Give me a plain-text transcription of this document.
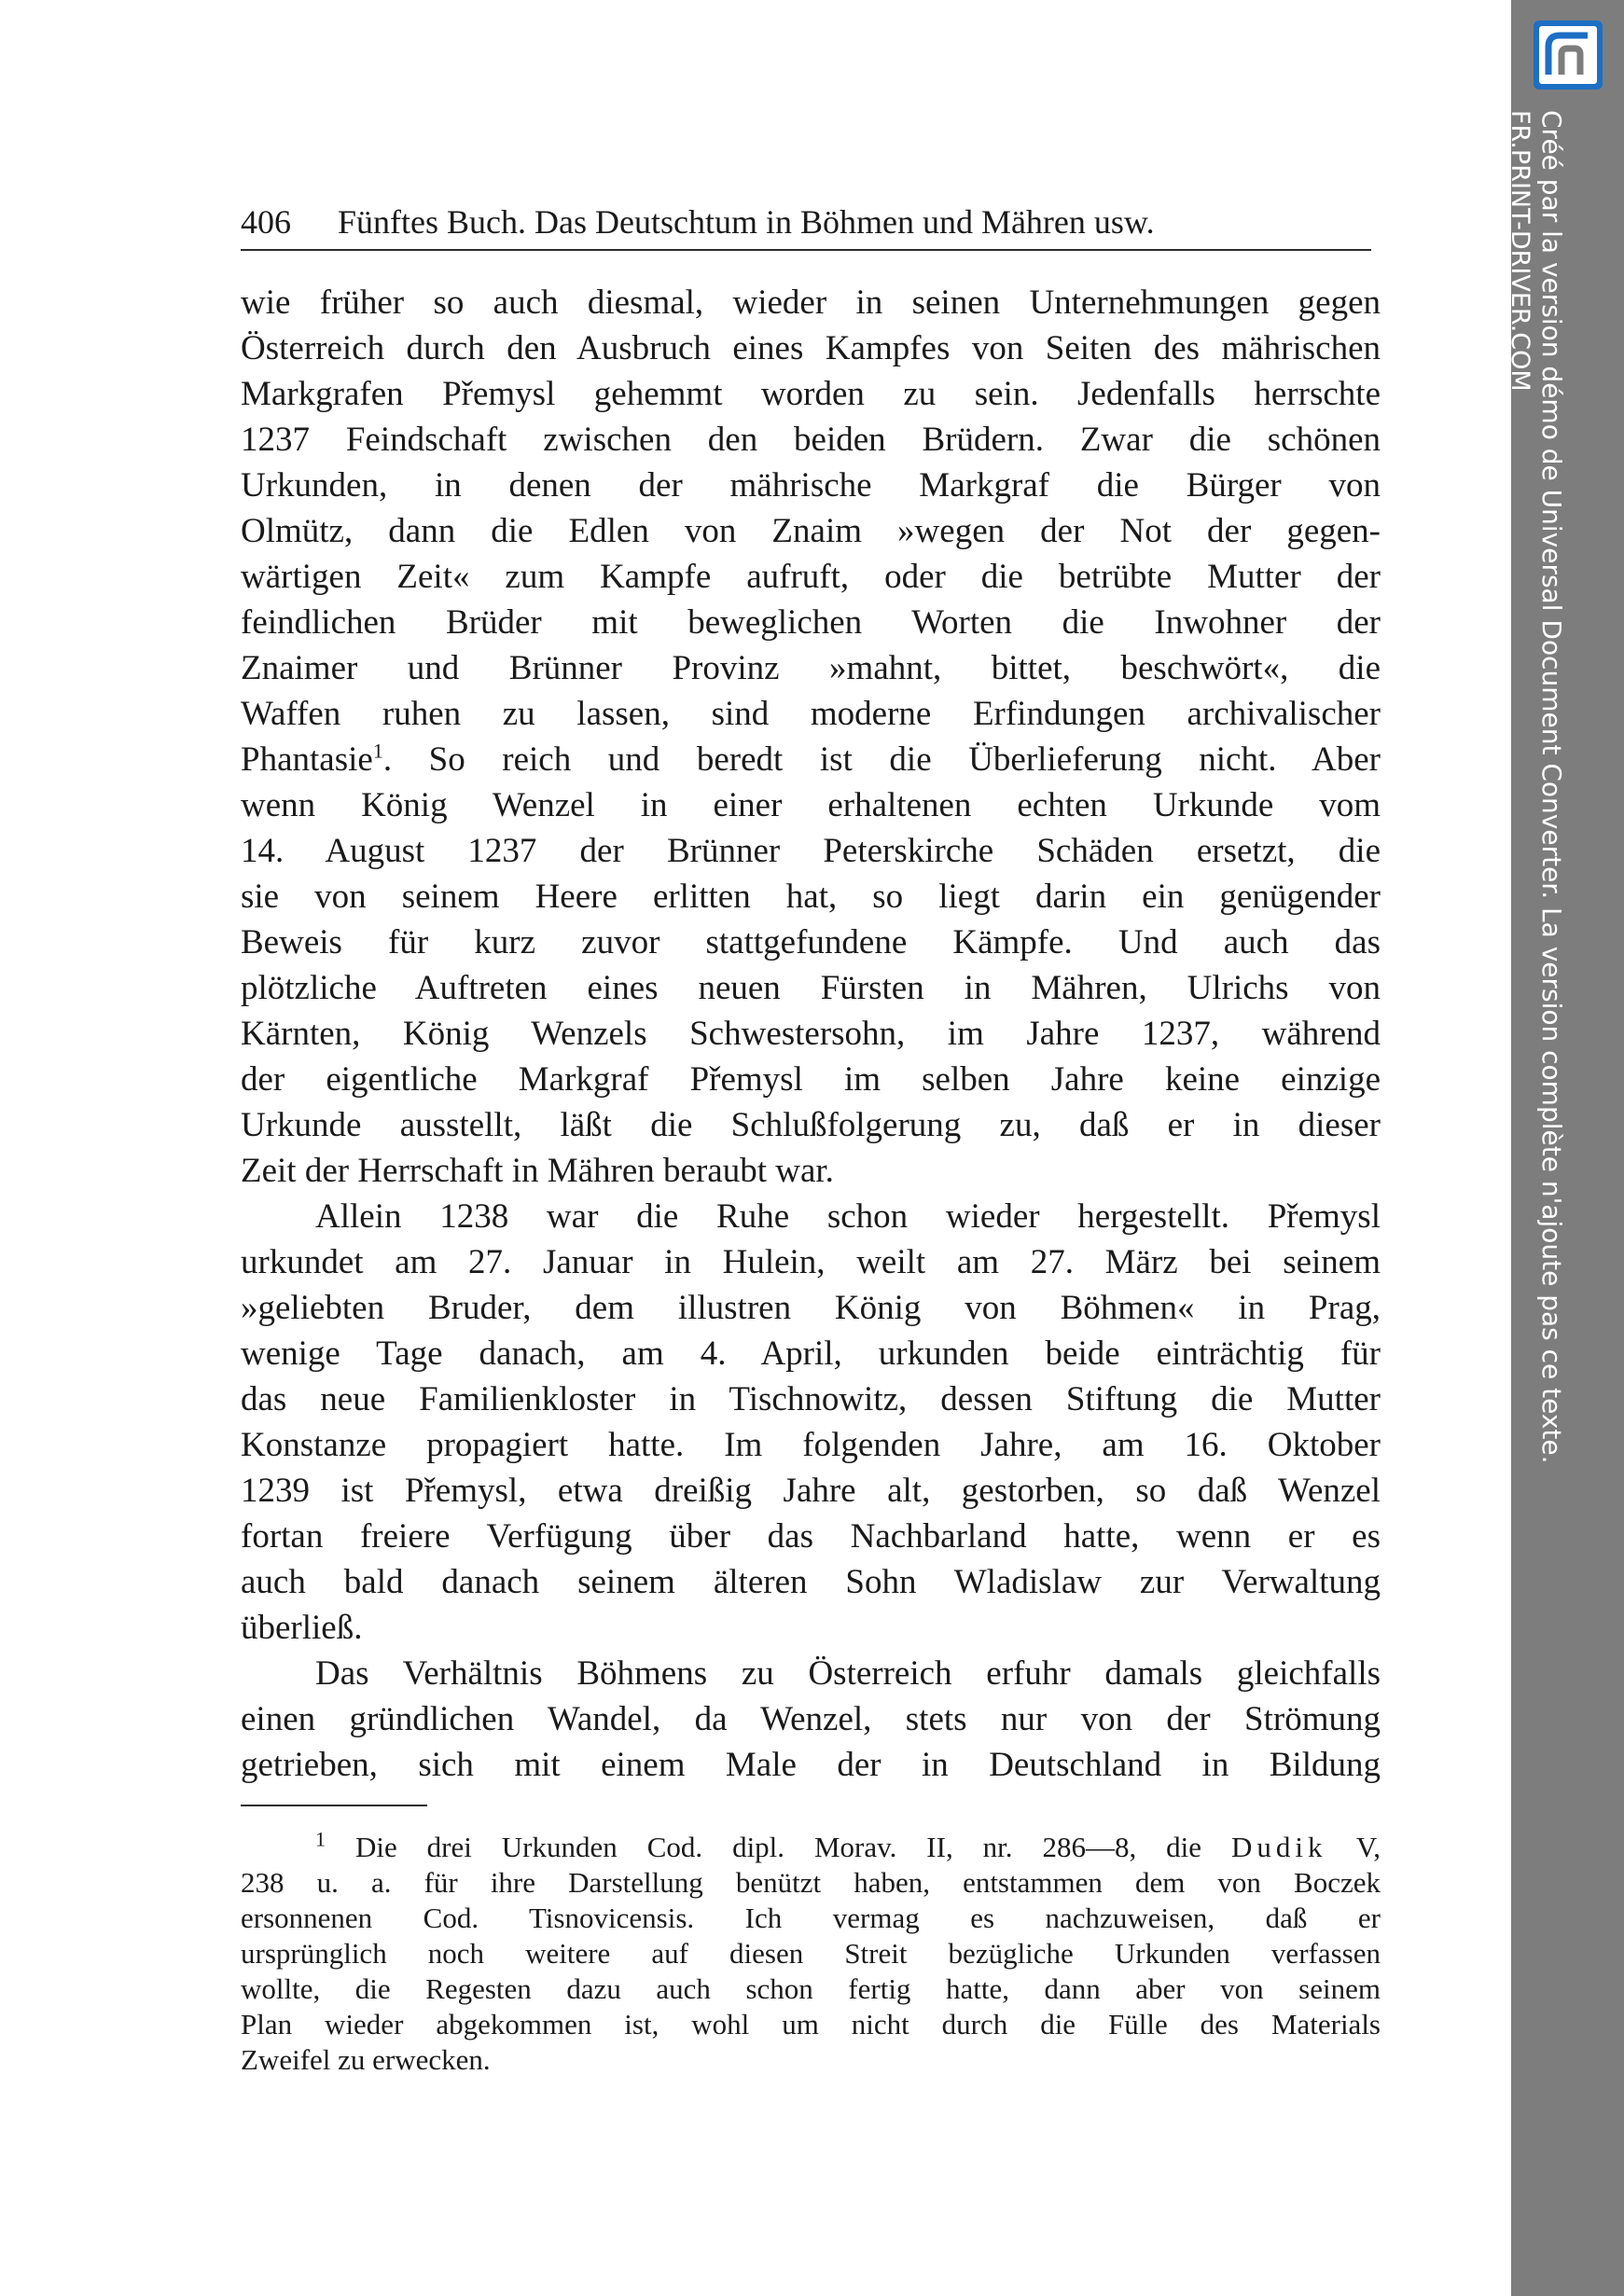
406 Fünftes Buch. Das Deutschtum in Böhmen und Mähren usw.
wie früher so auch diesmal, wieder in seinen Unternehmungen gegen
Österreich durch den Ausbruch eines Kampfes von Seiten des mährischen
Markgrafen Přemysl gehemmt worden zu sein. Jedenfalls herrschte
1237 Feindschaft zwischen den beiden Brüdern. Zwar die schönen
Urkunden, in denen der mährische Markgraf die Bürger von
Olmütz, dann die Edlen von Znaim »wegen der Not der gegen-
wärtigen Zeit« zum Kampfe aufruft, oder die betrübte Mutter der
feindlichen Brüder mit beweglichen Worten die Inwohner der
Znaimer und Brünner Provinz »mahnt, bittet, beschwört«, die
Waffen ruhen zu lassen, sind moderne Erfindungen archivalischer
Phantasie$^1$. So reich und beredt ist die Überlieferung nicht. Aber
wenn König Wenzel in einer erhaltenen echten Urkunde vom
14. August 1237 der Brünner Peterskirche Schäden ersetzt, die
sie von seinem Heere erlitten hat, so liegt darin ein genügender
Beweis für kurz zuvor stattgefundene Kämpfe. Und auch das
plötzliche Auftreten eines neuen Fürsten in Mähren, Ulrichs von
Kärnten, König Wenzels Schwestersohn, im Jahre 1237, während
der eigentliche Markgraf Přemysl im selben Jahre keine einzige
Urkunde ausstellt, läßt die Schlußfolgerung zu, daß er in dieser
Zeit der Herrschaft in Mähren beraubt war.
Allein 1238 war die Ruhe schon wieder hergestellt. Přemysl
urkundet am 27. Januar in Hulein, weilt am 27. März bei seinem
»geliebten Bruder, dem illustren König von Böhmen« in Prag,
wenige Tage danach, am 4. April, urkunden beide einträchtig für
das neue Familienkloster in Tischnowitz, dessen Stiftung die Mutter
Konstanze propagiert hatte. Im folgenden Jahre, am 16. Oktober
1239 ist Přemysl, etwa dreißig Jahre alt, gestorben, so daß Wenzel
fortan freiere Verfügung über das Nachbarland hatte, wenn er es
auch bald danach seinem älteren Sohn Wladislaw zur Verwaltung
überließ.
Das Verhältnis Böhmens zu Österreich erfuhr damals gleichfalls
einen gründlichen Wandel, da Wenzel, stets nur von der Strömung
getrieben, sich mit einem Male der in Deutschland in Bildung
$^1$ Die drei Urkunden Cod. dipl. Morav. II, nr. 286—8, die Dudik V,
238 u. a. für ihre Darstellung benützt haben, entstammen dem von Boczek
ersonnenen Cod. Tisnovicensis. Ich vermag es nachzuweisen, daß er
ursprünglich noch weitere auf diesen Streit bezügliche Urkunden verfassen
wollte, die Regesten dazu auch schon fertig hatte, dann aber von seinem
Plan wieder abgekommen ist, wohl um nicht durch die Fülle des Materials
Zweifel zu erwecken.
Créé par la version démo de Universal Document Converter. La version complète n'ajoute pas ce texte.
FR.PRINT-DRIVER.COM
